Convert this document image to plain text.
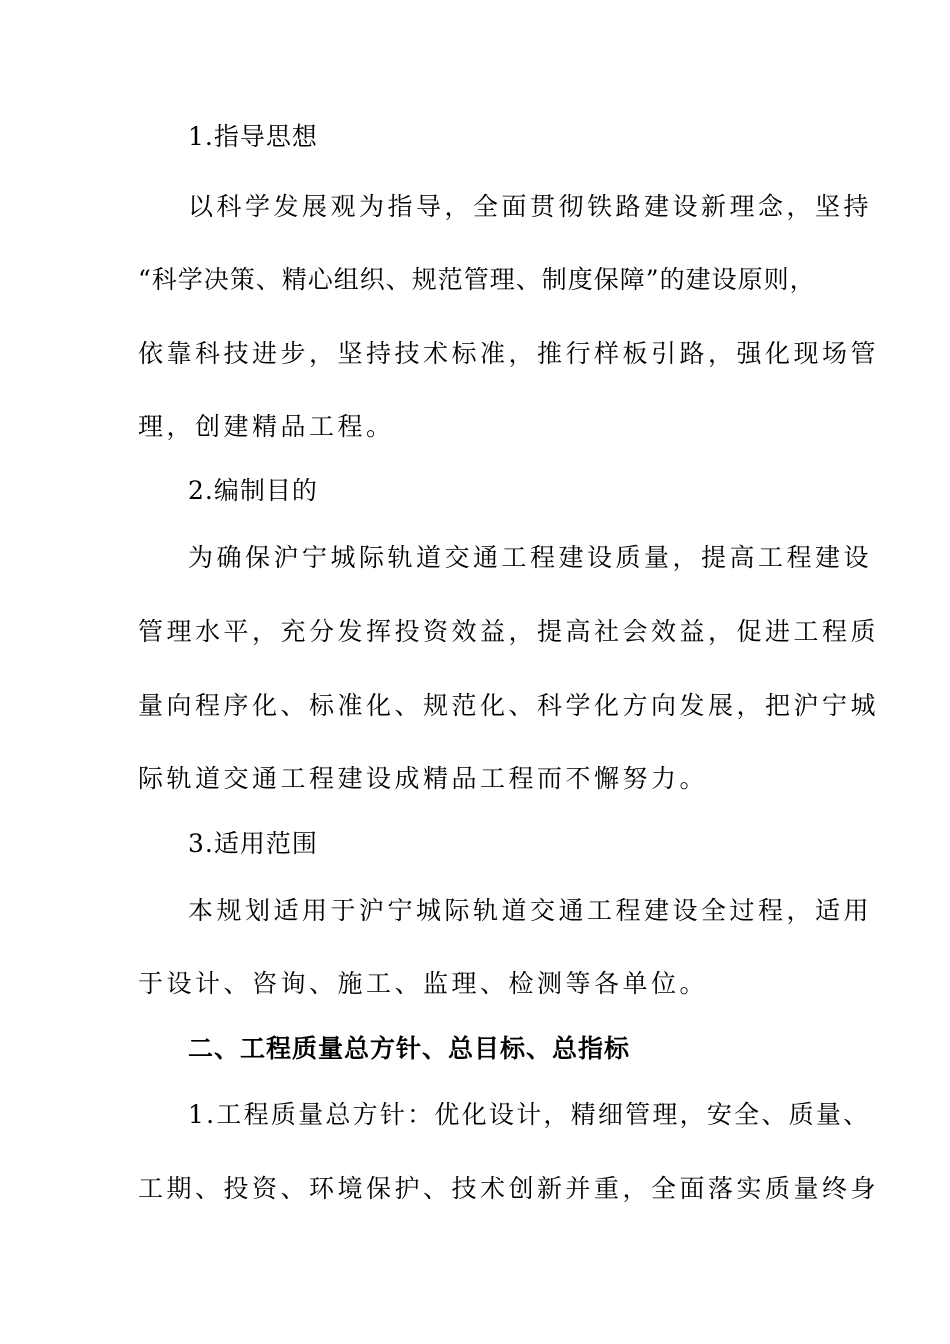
1.指导思想
以科学发展观为指导，全面贯彻铁路建设新理念，坚持
“科学决策、精心组织、规范管理、制度保障”的建设原则，
依靠科技进步，坚持技术标准，推行样板引路，强化现场管
理，创建精品工程。
2.编制目的
为确保沪宁城际轨道交通工程建设质量，提高工程建设
管理水平，充分发挥投资效益，提高社会效益，促进工程质
量向程序化、标准化、规范化、科学化方向发展，把沪宁城
际轨道交通工程建设成精品工程而不懈努力。
3.适用范围
本规划适用于沪宁城际轨道交通工程建设全过程，适用
于设计、咨询、施工、监理、检测等各单位。
二、工程质量总方针、总目标、总指标
1.工程质量总方针：优化设计，精细管理，安全、质量、
工期、投资、环境保护、技术创新并重，全面落实质量终身
